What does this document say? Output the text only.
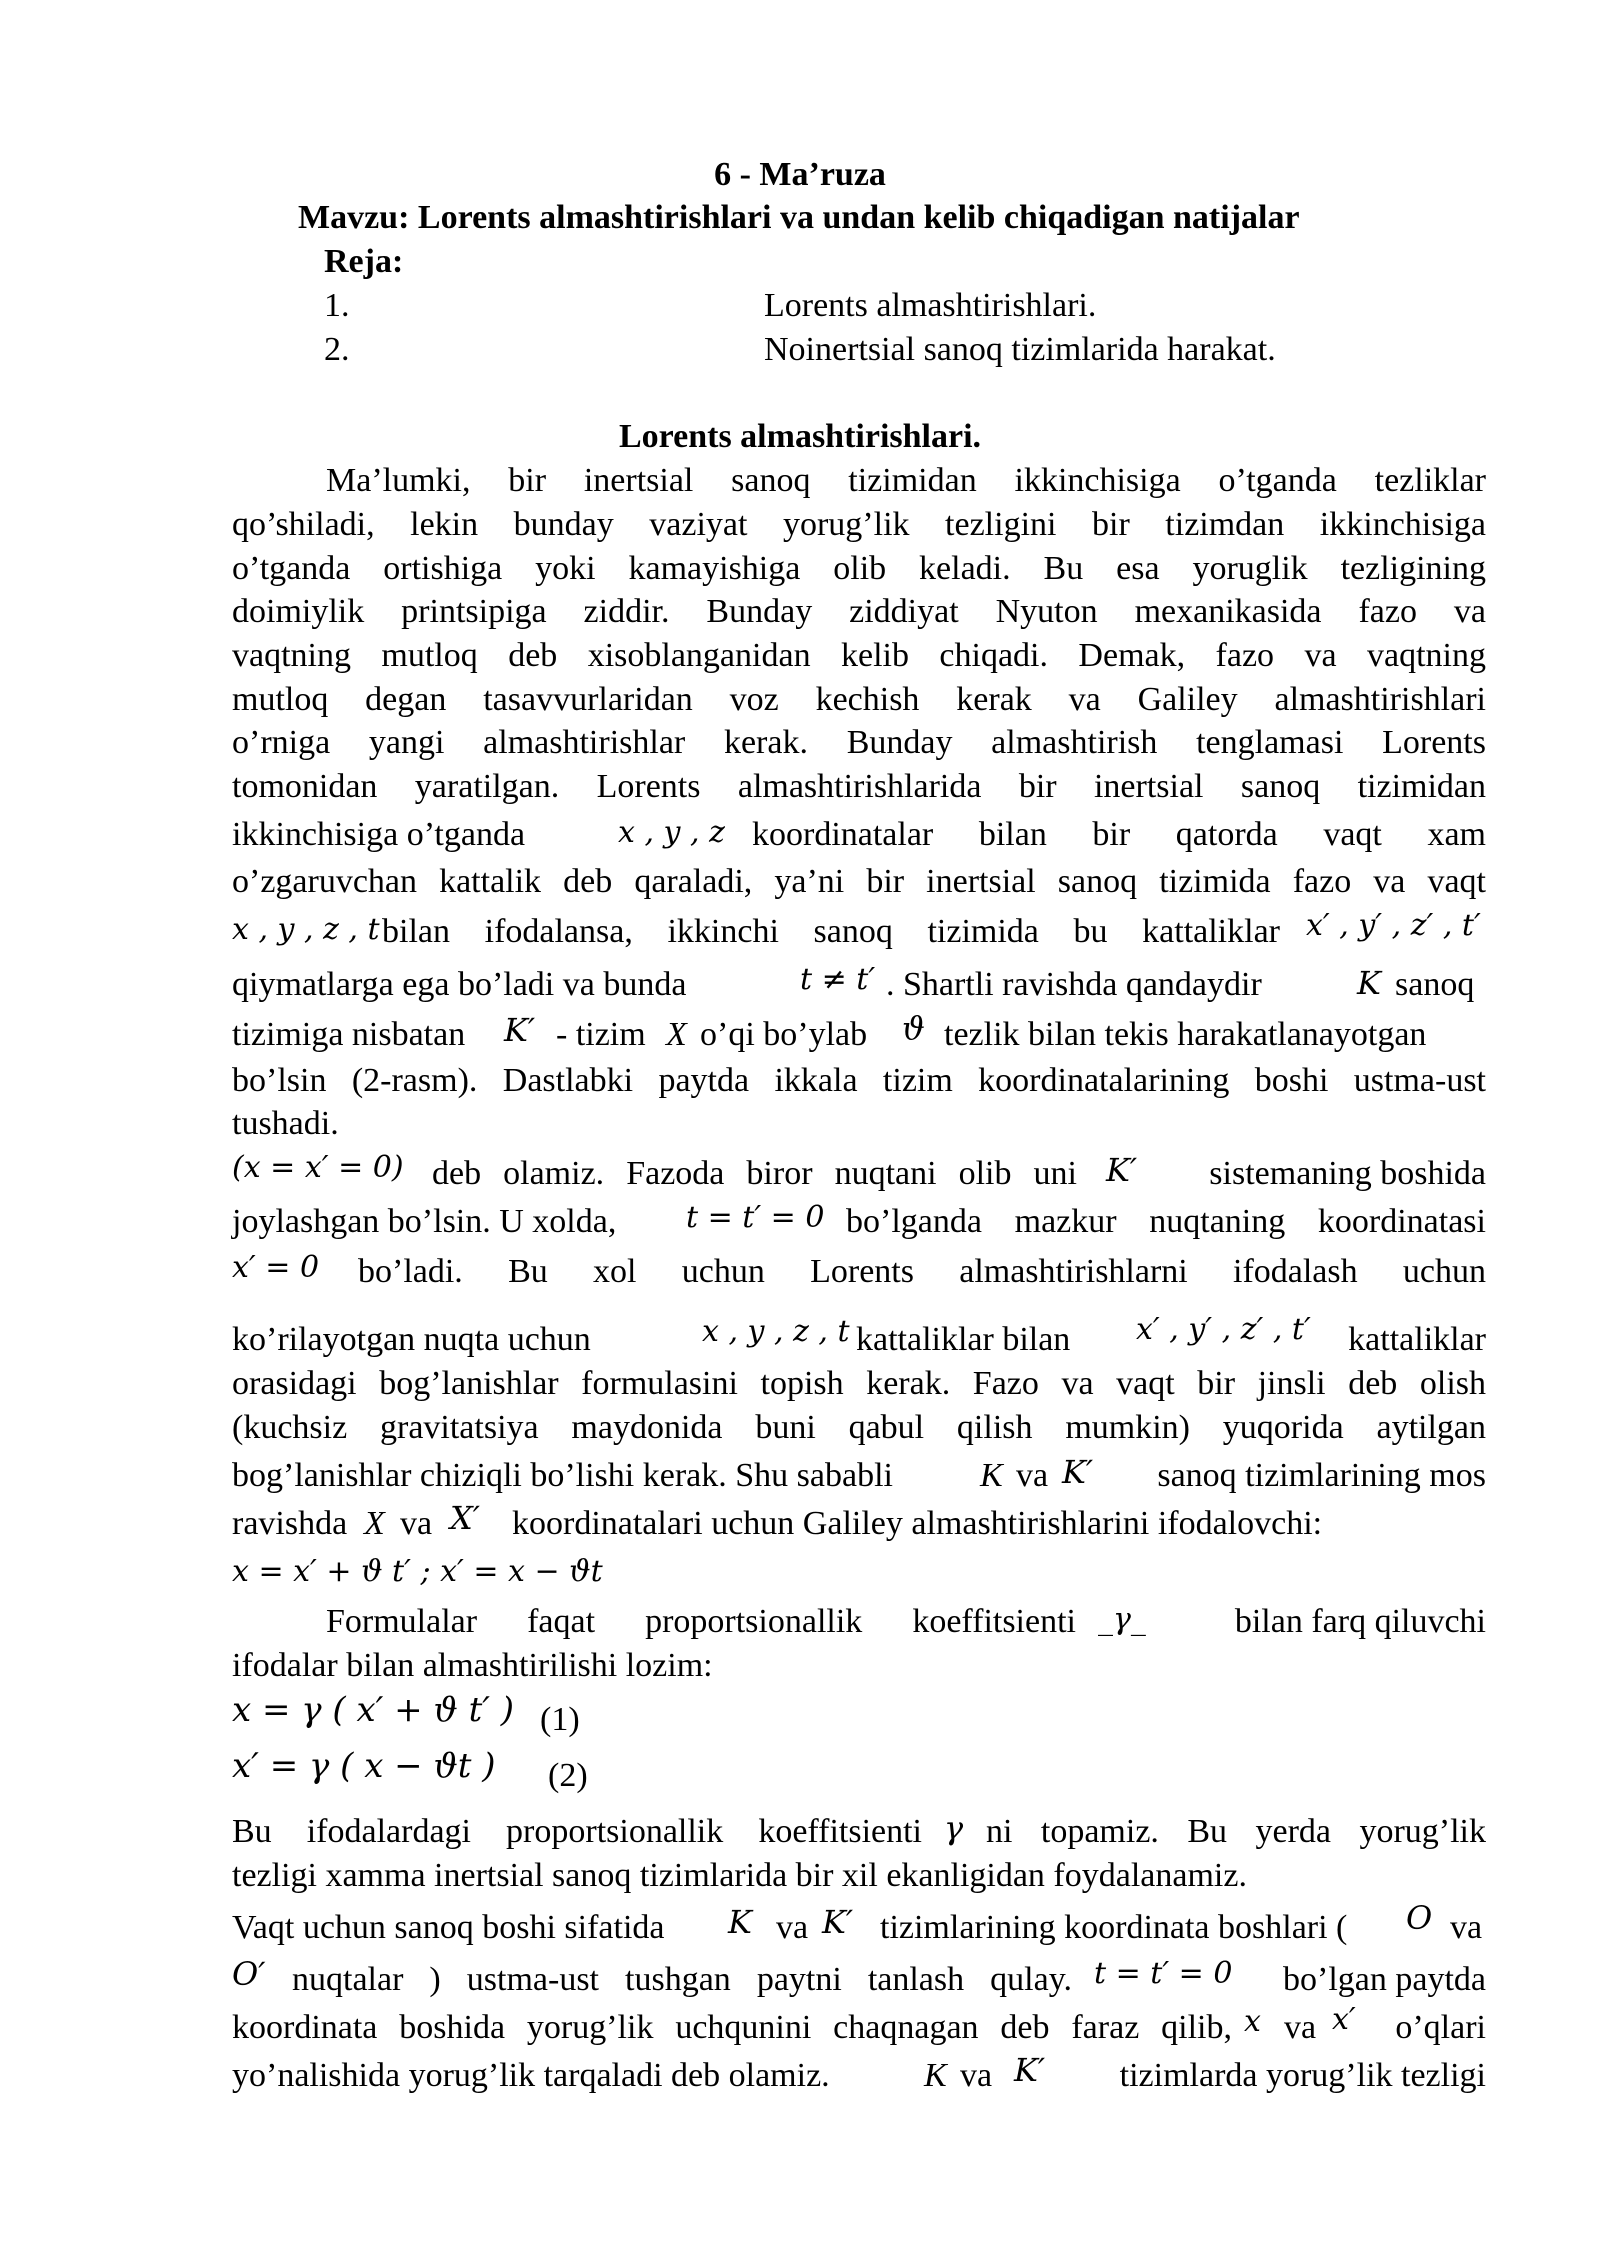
6 - Ma’ruza
Mavzu: Lorents almashtirishlari va undan kelib chiqadigan natijalar
Reja:
1.	Lorents almashtirishlari.
2.	Noinertsial sanoq tizimlarida harakat.
Lorents almashtirishlari.
Ma’lumki, bir inertsial sanoq tizimidan ikkinchisiga o’tganda tezliklar
qo’shiladi, lekin bunday vaziyat yorug’lik tezligini bir tizimdan ikkinchisiga
o’tganda ortishiga yoki kamayishiga olib keladi. Bu esa yoruglik tezligining
doimiylik printsipiga ziddir. Bunday ziddiyat Nyuton mexanikasida fazo va
vaqtning mutloq deb xisoblanganidan kelib chiqadi. Demak, fazo va vaqtning
mutloq degan tasavvurlaridan voz kechish kerak va Galiley almashtirishlari
o’rniga yangi almashtirishlar kerak. Bunday almashtirish tenglamasi Lorents
tomonidan yaratilgan. Lorents almashtirishlarida bir inertsial sanoq tizimidan
ikkinchisiga o’tganda	x , y , z koordinatalar bilan bir qatorda vaqt xam
o’zgaruvchan kattalik deb qaraladi, ya’ni bir inertsial sanoq tizimida fazo va vaqt
x , y , z , t bilan ifodalansa, ikkinchi sanoq tizimida bu kattaliklar x′ , y′ , z′ , t′
qiymatlarga ega bo’ladi va bunda	t ≠ t′ . Shartli ravishda qandaydir	K sanoq
tizimiga nisbatan K′ - tizim X o’qi bo’ylab ϑ tezlik bilan tekis harakatlanayotgan
bo’lsin (2-rasm). Dastlabki paytda ikkala tizim koordinatalarining boshi ustma-ust
tushadi.
(x = x′ = 0) deb olamiz. Fazoda biror nuqtani olib uni K′	sistemaning boshida
joylashgan bo’lsin. U xolda, t = t′ = 0 bo’lganda mazkur nuqtaning koordinatasi
x′ = 0 bo’ladi. Bu xol uchun Lorents almashtirishlarni ifodalash uchun
ko’rilayotgan nuqta uchun	x , y , z , t kattaliklar bilan x′ , y′ , z′ , t′ kattaliklar
orasidagi bog’lanishlar formulasini topish kerak. Fazo va vaqt bir jinsli deb olish
(kuchsiz gravitatsiya maydonida buni qabul qilish mumkin) yuqorida aytilgan
bog’lanishlar chiziqli bo’lishi kerak. Shu sababli	K va K′	sanoq tizimlarining mos
ravishda X va X′ koordinatalari uchun Galiley almashtirishlarini ifodalovchi:
x = x′ + ϑ t′ ; x′ = x − ϑt
Formulalar faqat proportsionallik koeffitsienti _γ_	bilan farq qiluvchi
ifodalar bilan almashtirilishi lozim:
x = γ ( x′ + ϑ t′ ) (1)
x′ = γ ( x − ϑt ) (2)
Bu ifodalardagi proportsionallik koeffitsienti γ ni topamiz. Bu yerda yorug’lik
tezligi xamma inertsial sanoq tizimlarida bir xil ekanligidan foydalanamiz.
Vaqt uchun sanoq boshi sifatida K va K′ tizimlarining koordinata boshlari ( O va
O′ nuqtalar ) ustma-ust tushgan paytni tanlash qulay. t = t′ = 0	bo’lgan paytda
koordinata boshida yorug’lik uchqunini chaqnagan deb faraz qilib, x va x′ o’qlari
yo’nalishida yorug’lik tarqaladi deb olamiz.	K va K′	tizimlarda yorug’lik tezligi
